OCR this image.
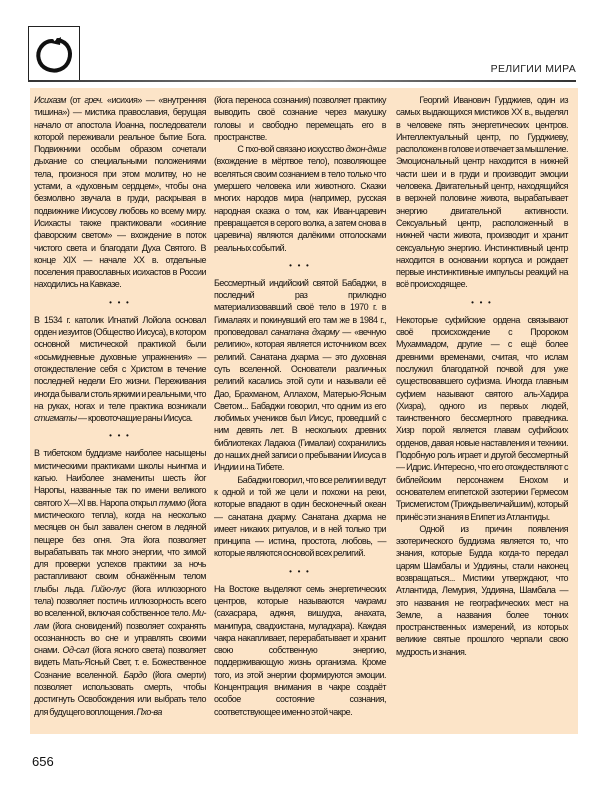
РЕЛИГИИ МИРА

Исихазм (от греч. «исихия» — «внутренняя тишина») — мистика православия, берущая начало от апостола Иоанна, последователи которой переживали реальное бытие Бога. Подвижники особым образом сочетали дыхание со специальными положениями тела, произнося при этом молитву, но не устами, а «духовным сердцем», чтобы она безмолвно звучала в груди, раскрывая в подвижнике Иисусову любовь ко всему миру. Исихасты также практиковали «осияние фаворским светом» — вхождение в поток чистого света и благодати Духа Святого. В конце XIX — начале XX в. отдельные поселения православных исихастов в России находились на Кавказе.

• • •

В 1534 г. католик Игнатий Лойола основал орден иезуитов (Общество Иисуса), в котором основной мистической практикой были «осьмидневные духовные упражнения» — отождествление себя с Христом в течение последней недели Его жизни. Переживания иногда бывали столь яркими и реальными, что на руках, ногах и теле практика возникали стигматы — кровоточащие раны Иисуса.

• • •

В тибетском буддизме наиболее насыщены мистическими практиками школы ньингма и кагью. Наиболее знамениты шесть йог Наропы, названные так по имени великого святого X—XI вв. Наропа открыл туммо (йога мистического тепла), когда на несколько месяцев он был завален снегом в ледяной пещере без огня. Эта йога позволяет вырабатывать так много энергии, что зимой для проверки успехов практики за ночь растапливают своим обнажённым телом глыбы льда. Гийю-лус (йога иллюзорного тела) позволяет постичь иллюзорность всего во вселенной, включая собственное тело. Ми-лам (йога сновидений) позволяет сохранять осознанность во сне и управлять своими снами. Од-сал (йога ясного света) позволяет видеть Мать-Ясный Свет, т. е. Божественное Сознание вселенной. Бардо (йога смерти) позволяет использовать смерть, чтобы достигнуть Освобождения или выбрать тело для будущего воплощения. Пхо-ва

(йога переноса сознания) позволяет практику выводить своё сознание через макушку головы и свободно перемещать его в пространстве.

С пхо-вой связано искусство джон-джиг (вхождение в мёртвое тело), позволяющее вселяться своим сознанием в тело только что умершего человека или животного. Сказки многих народов мира (например, русская народная сказка о том, как Иван-царевич превращается в серого волка, а затем снова в царевича) являются далёкими отголосками реальных событий.

• • •

Бессмертный индийский святой Бабаджи, в последний раз прилюдно материализовавший своё тело в 1970 г. в Гималаях и покинувший его там же в 1984 г., проповедовал санатана дхарму — «вечную религию», которая является источником всех религий. Санатана дхарма — это духовная суть вселенной. Основатели различных религий касались этой сути и называли её Дао, Брахманом, Аллахом, Матерью-Ясным Светом... Бабаджи говорил, что одним из его любимых учеников был Иисус, проведший с ним девять лет. В нескольких древних библиотеках Ладакха (Гималаи) сохранились до наших дней записи о пребывании Иисуса в Индии и на Тибете.

Бабаджи говорил, что все религии ведут к одной и той же цели и похожи на реки, которые впадают в один бесконечный океан — санатана дхарму. Санатана дхарма не имеет никаких ритуалов, и в ней только три принципа — истина, простота, любовь, — которые являются основой всех религий.

• • •

На Востоке выделяют семь энергетических центров, которые называются чакрами (сахасрара, аджня, вишудха, анахата, манипура, свадхистана, муладхара). Каждая чакра накапливает, перерабатывает и хранит свою собственную энергию, поддерживающую жизнь организма. Кроме того, из этой энергии формируются эмоции. Концентрация внимания в чакре создаёт особое состояние сознания, соответствующее именно этой чакре.

Георгий Иванович Гурджиев, один из самых выдающихся мистиков XX в., выделял в человеке пять энергетических центров. Интеллектуальный центр, по Гурджиеву, расположен в голове и отвечает за мышление. Эмоциональный центр находится в нижней части шеи и в груди и производит эмоции человека. Двигательный центр, находящийся в верхней половине живота, вырабатывает энергию двигательной активности. Сексуальный центр, расположенный в нижней части живота, производит и хранит сексуальную энергию. Инстинктивный центр находится в основании корпуса и рождает первые инстинктивные импульсы реакций на всё происходящее.

• • •

Некоторые суфийские ордена связывают своё происхождение с Пророком Мухаммадом, другие — с ещё более древними временами, считая, что ислам послужил благодатной почвой для уже существовавшего суфизма. Иногда главным суфием называют святого аль-Хадира (Хизра), одного из первых людей, таинственного бессмертного праведника. Хизр порой является главам суфийских орденов, давая новые наставления и техники. Подобную роль играет и другой бессмертный — Идрис. Интересно, что его отождествляют с библейским персонажем Енохом и основателем египетской эзотерики Гермесом Трисмегистом (Триждывеличайшим), который принёс эти знания в Египет из Атлантиды.

Одной из причин появления эзотерического буддизма является то, что знания, которые Будда когда-то передал царям Шамбалы и Уддияны, стали наконец возвращаться... Мистики утверждают, что Атлантида, Лемурия, Уддияна, Шамбала — это названия не географических мест на Земле, а названия более тонких пространственных измерений, из которых великие святые прошлого черпали свою мудрость и знания.

656
